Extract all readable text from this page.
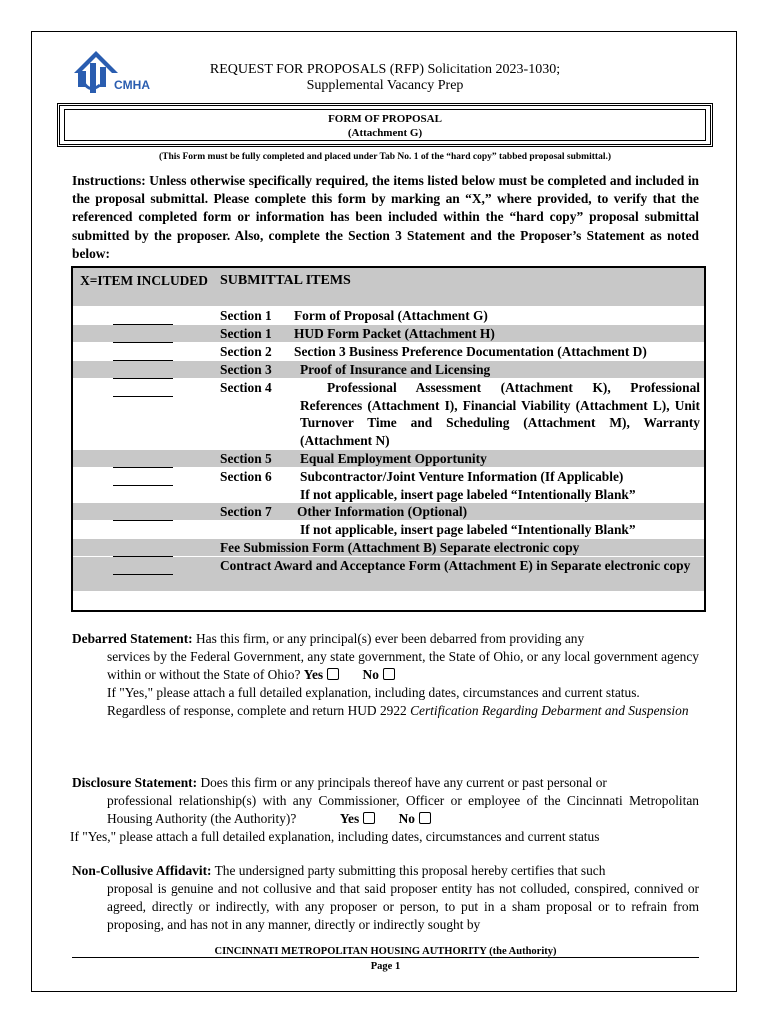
CMHA
REQUEST FOR PROPOSALS (RFP) Solicitation 2023-1030;
Supplemental Vacancy Prep
FORM OF PROPOSAL
(Attachment G)
(This Form must be fully completed and placed under Tab No. 1 of the “hard copy” tabbed proposal submittal.)
Instructions: Unless otherwise specifically required, the items listed below must be completed and included in the proposal submittal. Please complete this form by marking an “X,” where provided, to verify that the referenced completed form or information has been included within the “hard copy” proposal submittal submitted by the proposer. Also, complete the Section 3 Statement and the Proposer’s Statement as noted below:
X=ITEM INCLUDED SUBMITTAL ITEMS
Section 1	Form of Proposal (Attachment G)
Section 1	HUD Form Packet (Attachment H)
Section 2	Section 3 Business Preference Documentation (Attachment D)
Section 3	Proof of Insurance and Licensing
Section 4	Professional Assessment (Attachment K), Professional References (Attachment I), Financial Viability (Attachment L), Unit Turnover Time and Scheduling (Attachment M), Warranty (Attachment N)
Section 5	Equal Employment Opportunity
Section 6	Subcontractor/Joint Venture Information (If Applicable)
If not applicable, insert page labeled “Intentionally Blank”
Section 7	Other Information (Optional)
If not applicable, insert page labeled “Intentionally Blank”
Fee Submission Form (Attachment B) Separate electronic copy
Contract Award and Acceptance Form (Attachment E) in Separate electronic copy
Debarred Statement: Has this firm, or any principal(s) ever been debarred from providing any
services by the Federal Government, any state government, the State of Ohio, or any local government agency within or without the State of Ohio? Yes	No
If "Yes," please attach a full detailed explanation, including dates, circumstances and current status.
Regardless of response, complete and return HUD 2922 Certification Regarding Debarment and Suspension
Disclosure Statement: Does this firm or any principals thereof have any current or past personal or
professional relationship(s) with any Commissioner, Officer or employee of the Cincinnati Metropolitan Housing Authority (the Authority)?	Yes	No
If "Yes," please attach a full detailed explanation, including dates, circumstances and current status
Non-Collusive Affidavit: The undersigned party submitting this proposal hereby certifies that such
proposal is genuine and not collusive and that said proposer entity has not colluded, conspired, connived or agreed, directly or indirectly, with any proposer or person, to put in a sham proposal or to refrain from proposing, and has not in any manner, directly or indirectly sought by
CINCINNATI METROPOLITAN HOUSING AUTHORITY (the Authority)
Page 1
